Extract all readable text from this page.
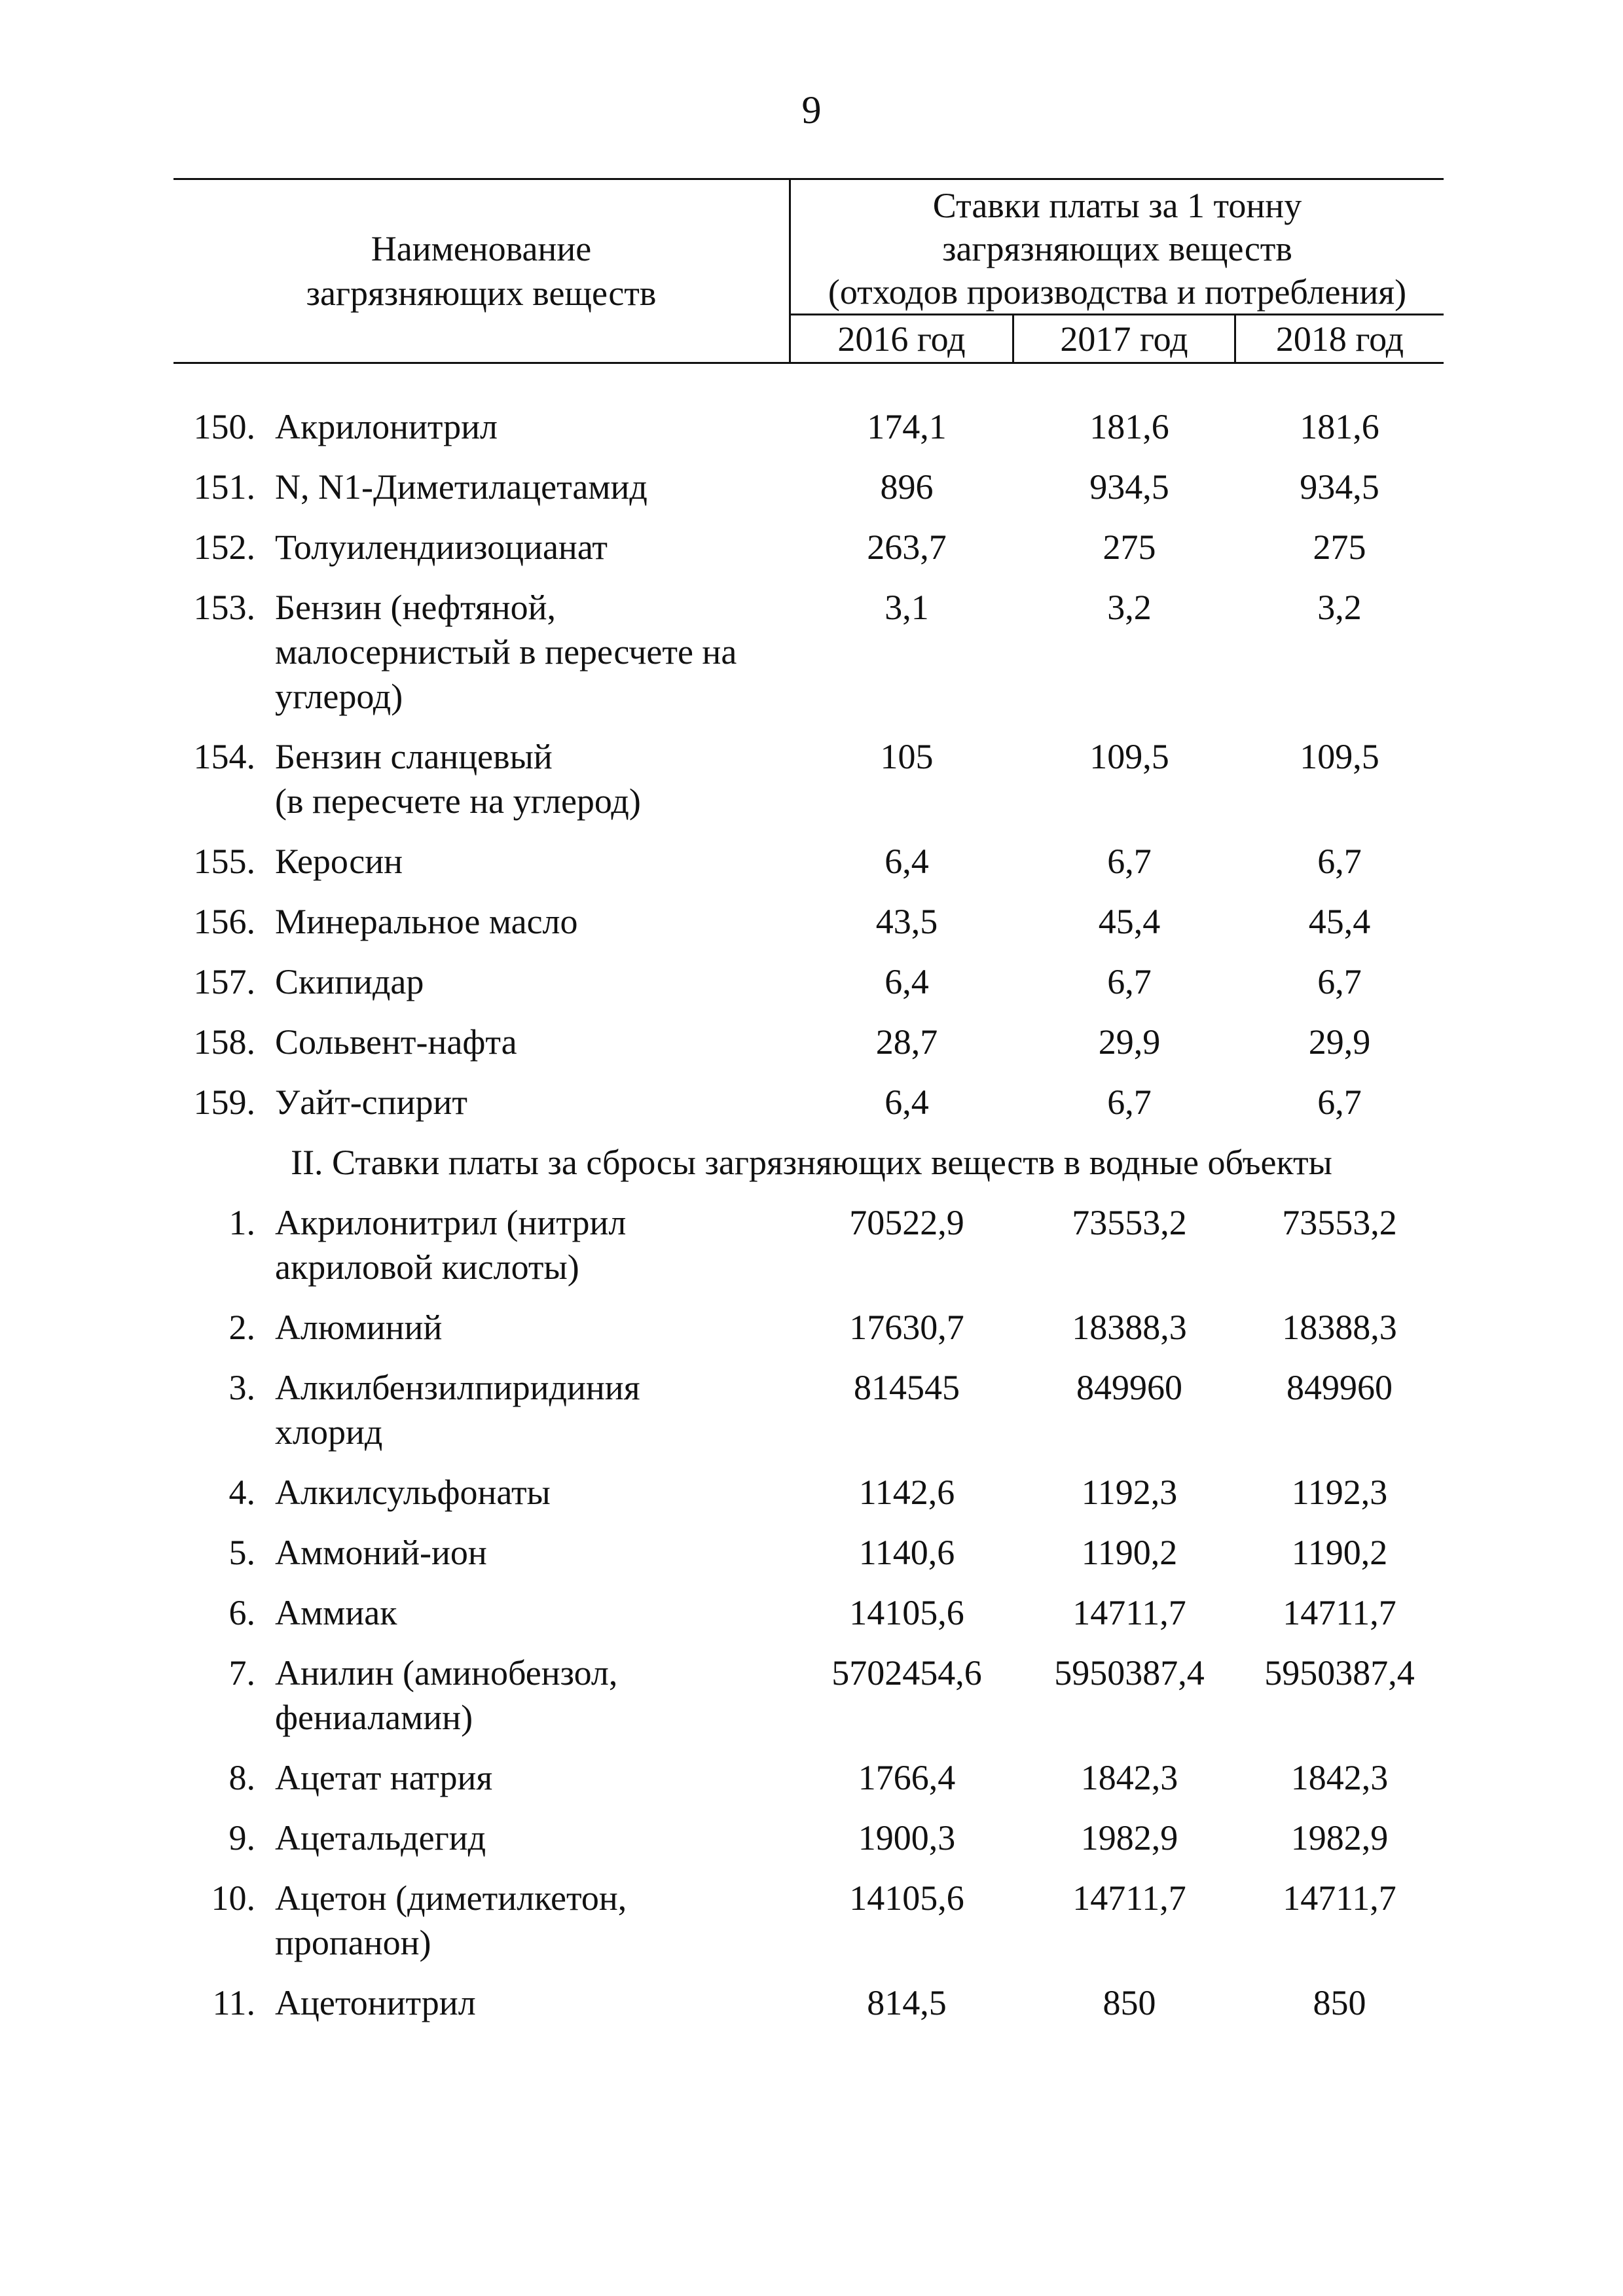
9
Наименование
загрязняющих веществ
Ставки платы за 1 тонну
загрязняющих веществ
(отходов производства и потребления)
2016 год	2017 год	2018 год
150. Акрилонитрил	174,1	181,6	181,6
151. N, N1-Диметилацетамид	896	934,5	934,5
152. Толуилендиизоцианат	263,7	275	275
153. Бензин (нефтяной,
малосернистый в пересчете на
углерод)
3,1	3,2	3,2
154. Бензин сланцевый
(в пересчете на углерод)
105	109,5	109,5
155. Керосин	6,4	6,7	6,7
156. Минеральное масло	43,5	45,4	45,4
157. Скипидар	6,4	6,7	6,7
158. Сольвент-нафта	28,7	29,9	29,9
159. Уайт-спирит	6,4	6,7	6,7
II. Ставки платы за сбросы загрязняющих веществ в водные объекты
1. Акрилонитрил (нитрил
акриловой кислоты)
70522,9	73553,2	73553,2
2. Алюминий	17630,7	18388,3	18388,3
3. Алкилбензилпиридиния
хлорид
814545	849960	849960
4. Алкилсульфонаты	1142,6	1192,3	1192,3
5. Аммоний-ион	1140,6	1190,2	1190,2
6. Аммиак	14105,6	14711,7	14711,7
7. Анилин (аминобензол,
фениаламин)
5702454,6	5950387,4	5950387,4
8. Ацетат натрия	1766,4	1842,3	1842,3
9. Ацетальдегид	1900,3	1982,9	1982,9
10. Ацетон (диметилкетон,
пропанон)
14105,6	14711,7	14711,7
11. Ацетонитрил	814,5	850	850
